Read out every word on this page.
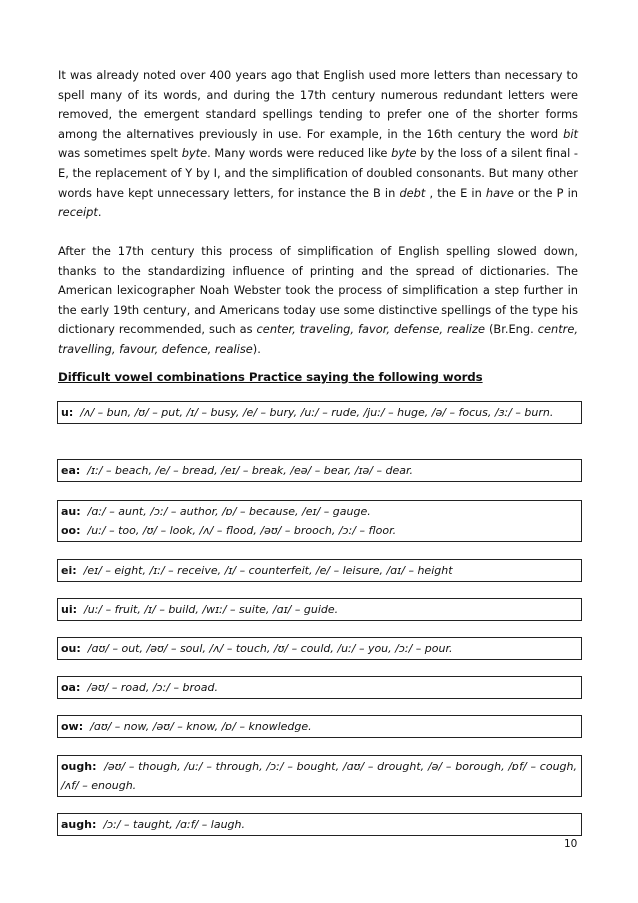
It was already noted over 400 years ago that English used more letters than necessary to spell many of its words, and during the 17th century numerous redundant letters were removed, the emergent standard spellings tending to prefer one of the shorter forms among the alternatives previously in use. For example, in the 16th century the word bit was sometimes spelt byte. Many words were reduced like byte by the loss of a silent final -E, the replacement of Y by I, and the simplification of doubled consonants. But many other words have kept unnecessary letters, for instance the B in debt , the E in have or the P in receipt.
After the 17th century this process of simplification of English spelling slowed down, thanks to the standardizing influence of printing and the spread of dictionaries. The American lexicographer Noah Webster took the process of simplification a step further in the early 19th century, and Americans today use some distinctive spellings of the type his dictionary recommended, such as center, traveling, favor, defense, realize (Br.Eng. centre, travelling, favour, defence, realise).
Difficult vowel combinations Practice saying the following words
u: /ʌ/ – bun, /ʊ/ – put, /ɪ/ – busy, /e/ – bury, /uː/ – rude, /juː/ – huge, /ə/ – focus, /ɜː/ – burn.
ea: /ɪː/ – beach, /e/ – bread, /eɪ/ – break, /eə/ – bear, /ɪə/ – dear.
au: /ɑː/ – aunt, /ɔː/ – author, /ɒ/ – because, /eɪ/ – gauge.
oo: /uː/ – too, /ʊ/ – look, /ʌ/ – flood, /əʊ/ – brooch, /ɔː/ – floor.
ei: /eɪ/ – eight, /ɪː/ – receive, /ɪ/ – counterfeit, /e/ – leisure, /ɑɪ/ – height
ui: /uː/ – fruit, /ɪ/ – build, /wɪː/ – suite, /ɑɪ/ – guide.
ou: /ɑʊ/ – out, /əʊ/ – soul, /ʌ/ – touch, /ʊ/ – could, /uː/ – you, /ɔː/ – pour.
oa: /əʊ/ – road, /ɔː/ – broad.
ow: /ɑʊ/ – now, /əʊ/ – know, /ɒ/ – knowledge.
ough: /əʊ/ – though, /uː/ – through, /ɔː/ – bought, /ɑʊ/ – drought, /ə/ – borough, /ɒf/ – cough, /ʌf/ – enough.
augh: /ɔː/ – taught, /ɑːf/ – laugh.
10
